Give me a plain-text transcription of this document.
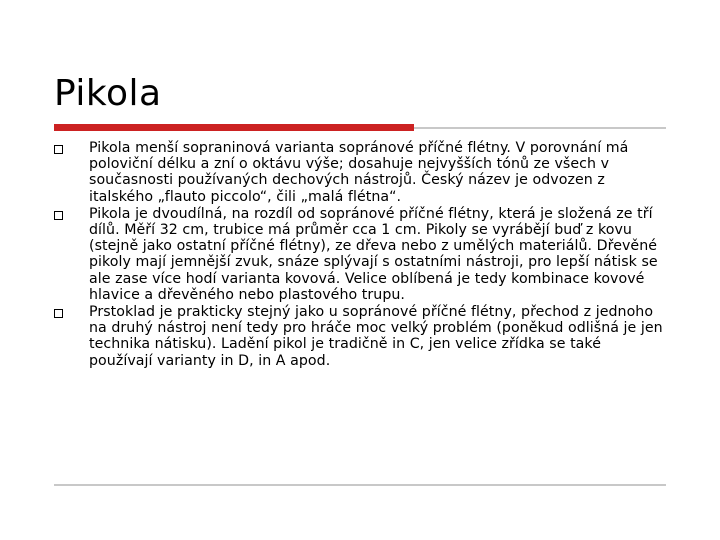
Pikola
Pikola menší sopraninová varianta sopránové příčné flétny. V porovnání má poloviční délku a zní o oktávu výše; dosahuje nejvyšších tónů ze všech v současnosti používaných dechových nástrojů. Český název je odvozen z italského „flauto piccolo“, čili „malá flétna“.
Pikola je dvoudílná, na rozdíl od sopránové příčné flétny, která je složená ze tří dílů. Měří 32 cm, trubice má průměr cca 1 cm. Pikoly se vyrábějí buď z kovu (stejně jako ostatní příčné flétny), ze dřeva nebo z umělých materiálů. Dřevěné pikoly mají jemnější zvuk, snáze splývají s ostatními nástroji, pro lepší nátisk se ale zase více hodí varianta kovová. Velice oblíbená je tedy kombinace kovové hlavice a dřevěného nebo plastového trupu.
Prstoklad je prakticky stejný jako u sopránové příčné flétny, přechod z jednoho na druhý nástroj není tedy pro hráče moc velký problém (poněkud odlišná je jen technika nátisku). Ladění pikol je tradičně in C, jen velice zřídka se také používají varianty in D, in A apod.
